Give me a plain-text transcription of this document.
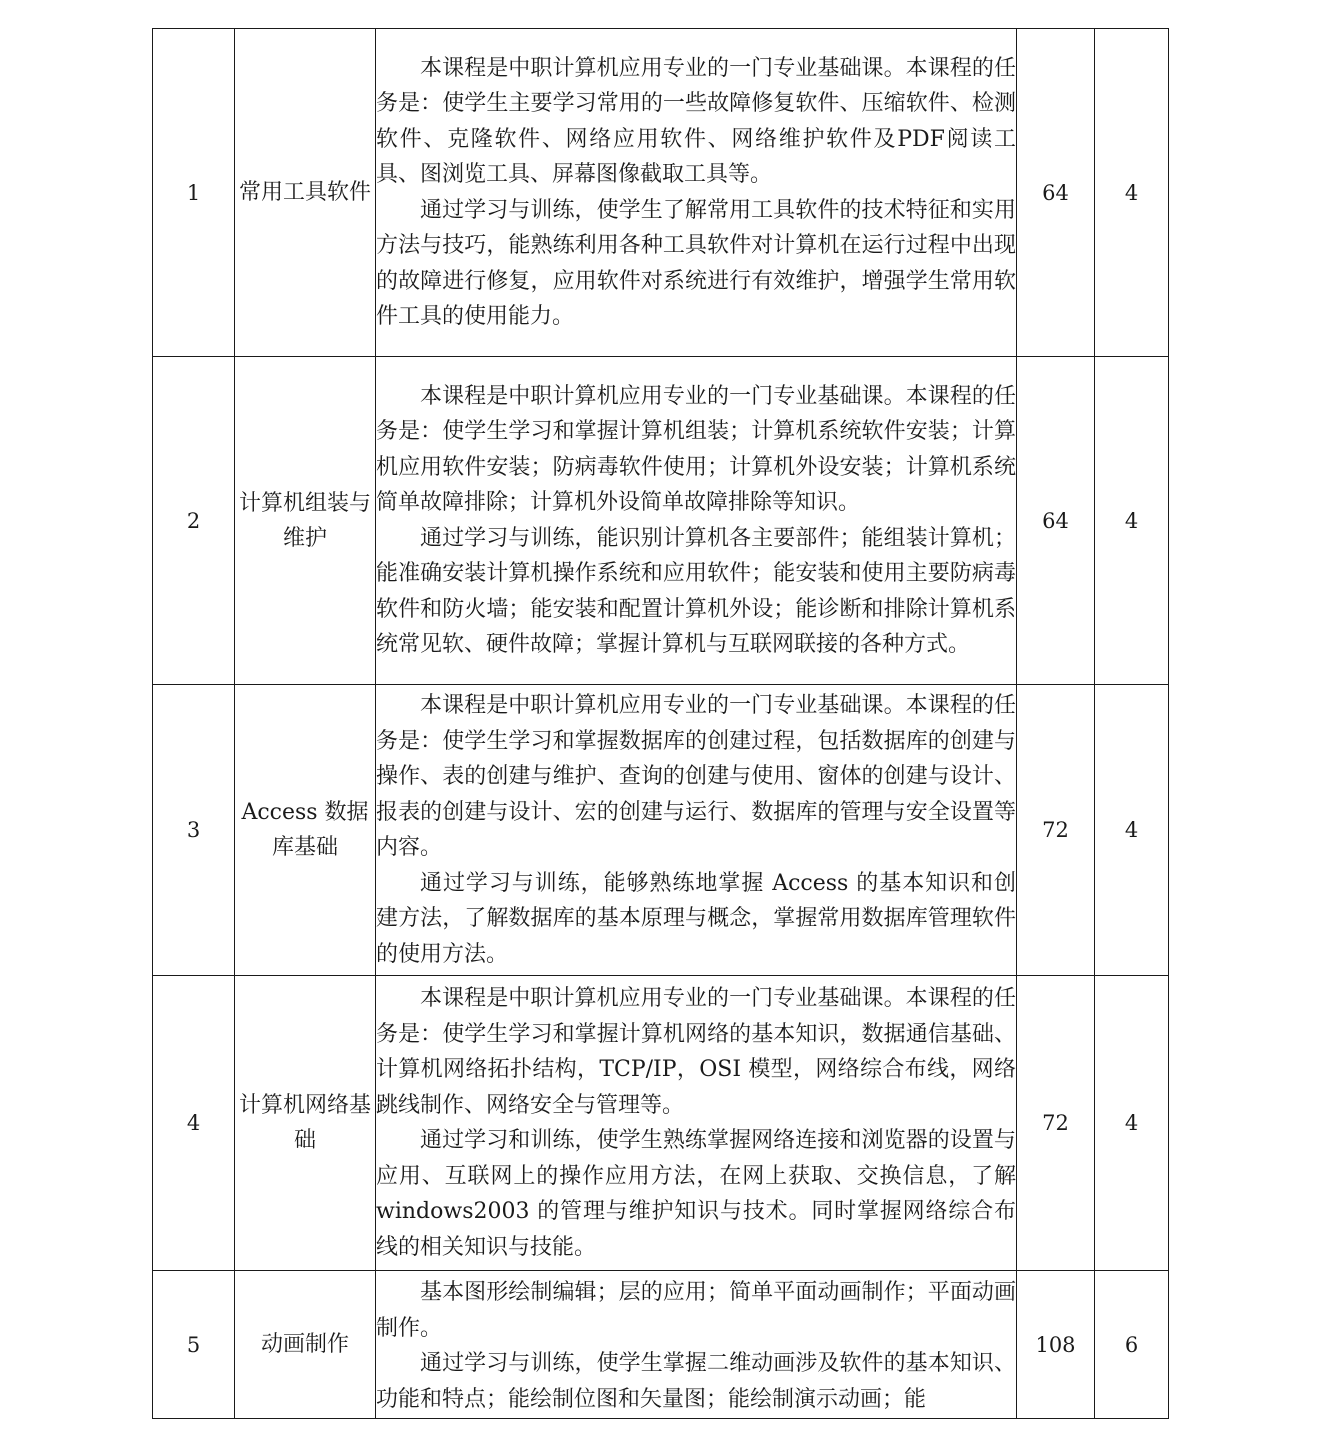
1	常用工具软件	本课程是中职计算机应用专业的一门专业基础课。本课程的任务是：使学生主要学习常用的一些故障修复软件、压缩软件、检测软件、克隆软件、网络应用软件、网络维护软件及PDF阅读工具、图浏览工具、屏幕图像截取工具等。

通过学习与训练，使学生了解常用工具软件的技术特征和实用方法与技巧，能熟练利用各种工具软件对计算机在运行过程中出现的故障进行修复，应用软件对系统进行有效维护，增强学生常用软件工具的使用能力。	64	4
2	计算机组装与维护	本课程是中职计算机应用专业的一门专业基础课。本课程的任务是：使学生学习和掌握计算机组装；计算机系统软件安装；计算机应用软件安装；防病毒软件使用；计算机外设安装；计算机系统简单故障排除；计算机外设简单故障排除等知识。

通过学习与训练，能识别计算机各主要部件；能组装计算机；能准确安装计算机操作系统和应用软件；能安装和使用主要防病毒软件和防火墙；能安装和配置计算机外设；能诊断和排除计算机系统常见软、硬件故障；掌握计算机与互联网联接的各种方式。	64	4
3	Access 数据库基础	本课程是中职计算机应用专业的一门专业基础课。本课程的任务是：使学生学习和掌握数据库的创建过程，包括数据库的创建与操作、表的创建与维护、查询的创建与使用、窗体的创建与设计、报表的创建与设计、宏的创建与运行、数据库的管理与安全设置等内容。

通过学习与训练，能够熟练地掌握 Access 的基本知识和创建方法，了解数据库的基本原理与概念，掌握常用数据库管理软件的使用方法。	72	4
4	计算机网络基础	本课程是中职计算机应用专业的一门专业基础课。本课程的任务是：使学生学习和掌握计算机网络的基本知识，数据通信基础、计算机网络拓扑结构，TCP/IP，OSI 模型，网络综合布线，网络跳线制作、网络安全与管理等。

通过学习和训练，使学生熟练掌握网络连接和浏览器的设置与应用、互联网上的操作应用方法，在网上获取、交换信息，了解 windows2003 的管理与维护知识与技术。同时掌握网络综合布线的相关知识与技能。	72	4
5	动画制作	基本图形绘制编辑；层的应用；简单平面动画制作；平面动画制作。

通过学习与训练，使学生掌握二维动画涉及软件的基本知识、功能和特点；能绘制位图和矢量图；能绘制演示动画；能	108	6
